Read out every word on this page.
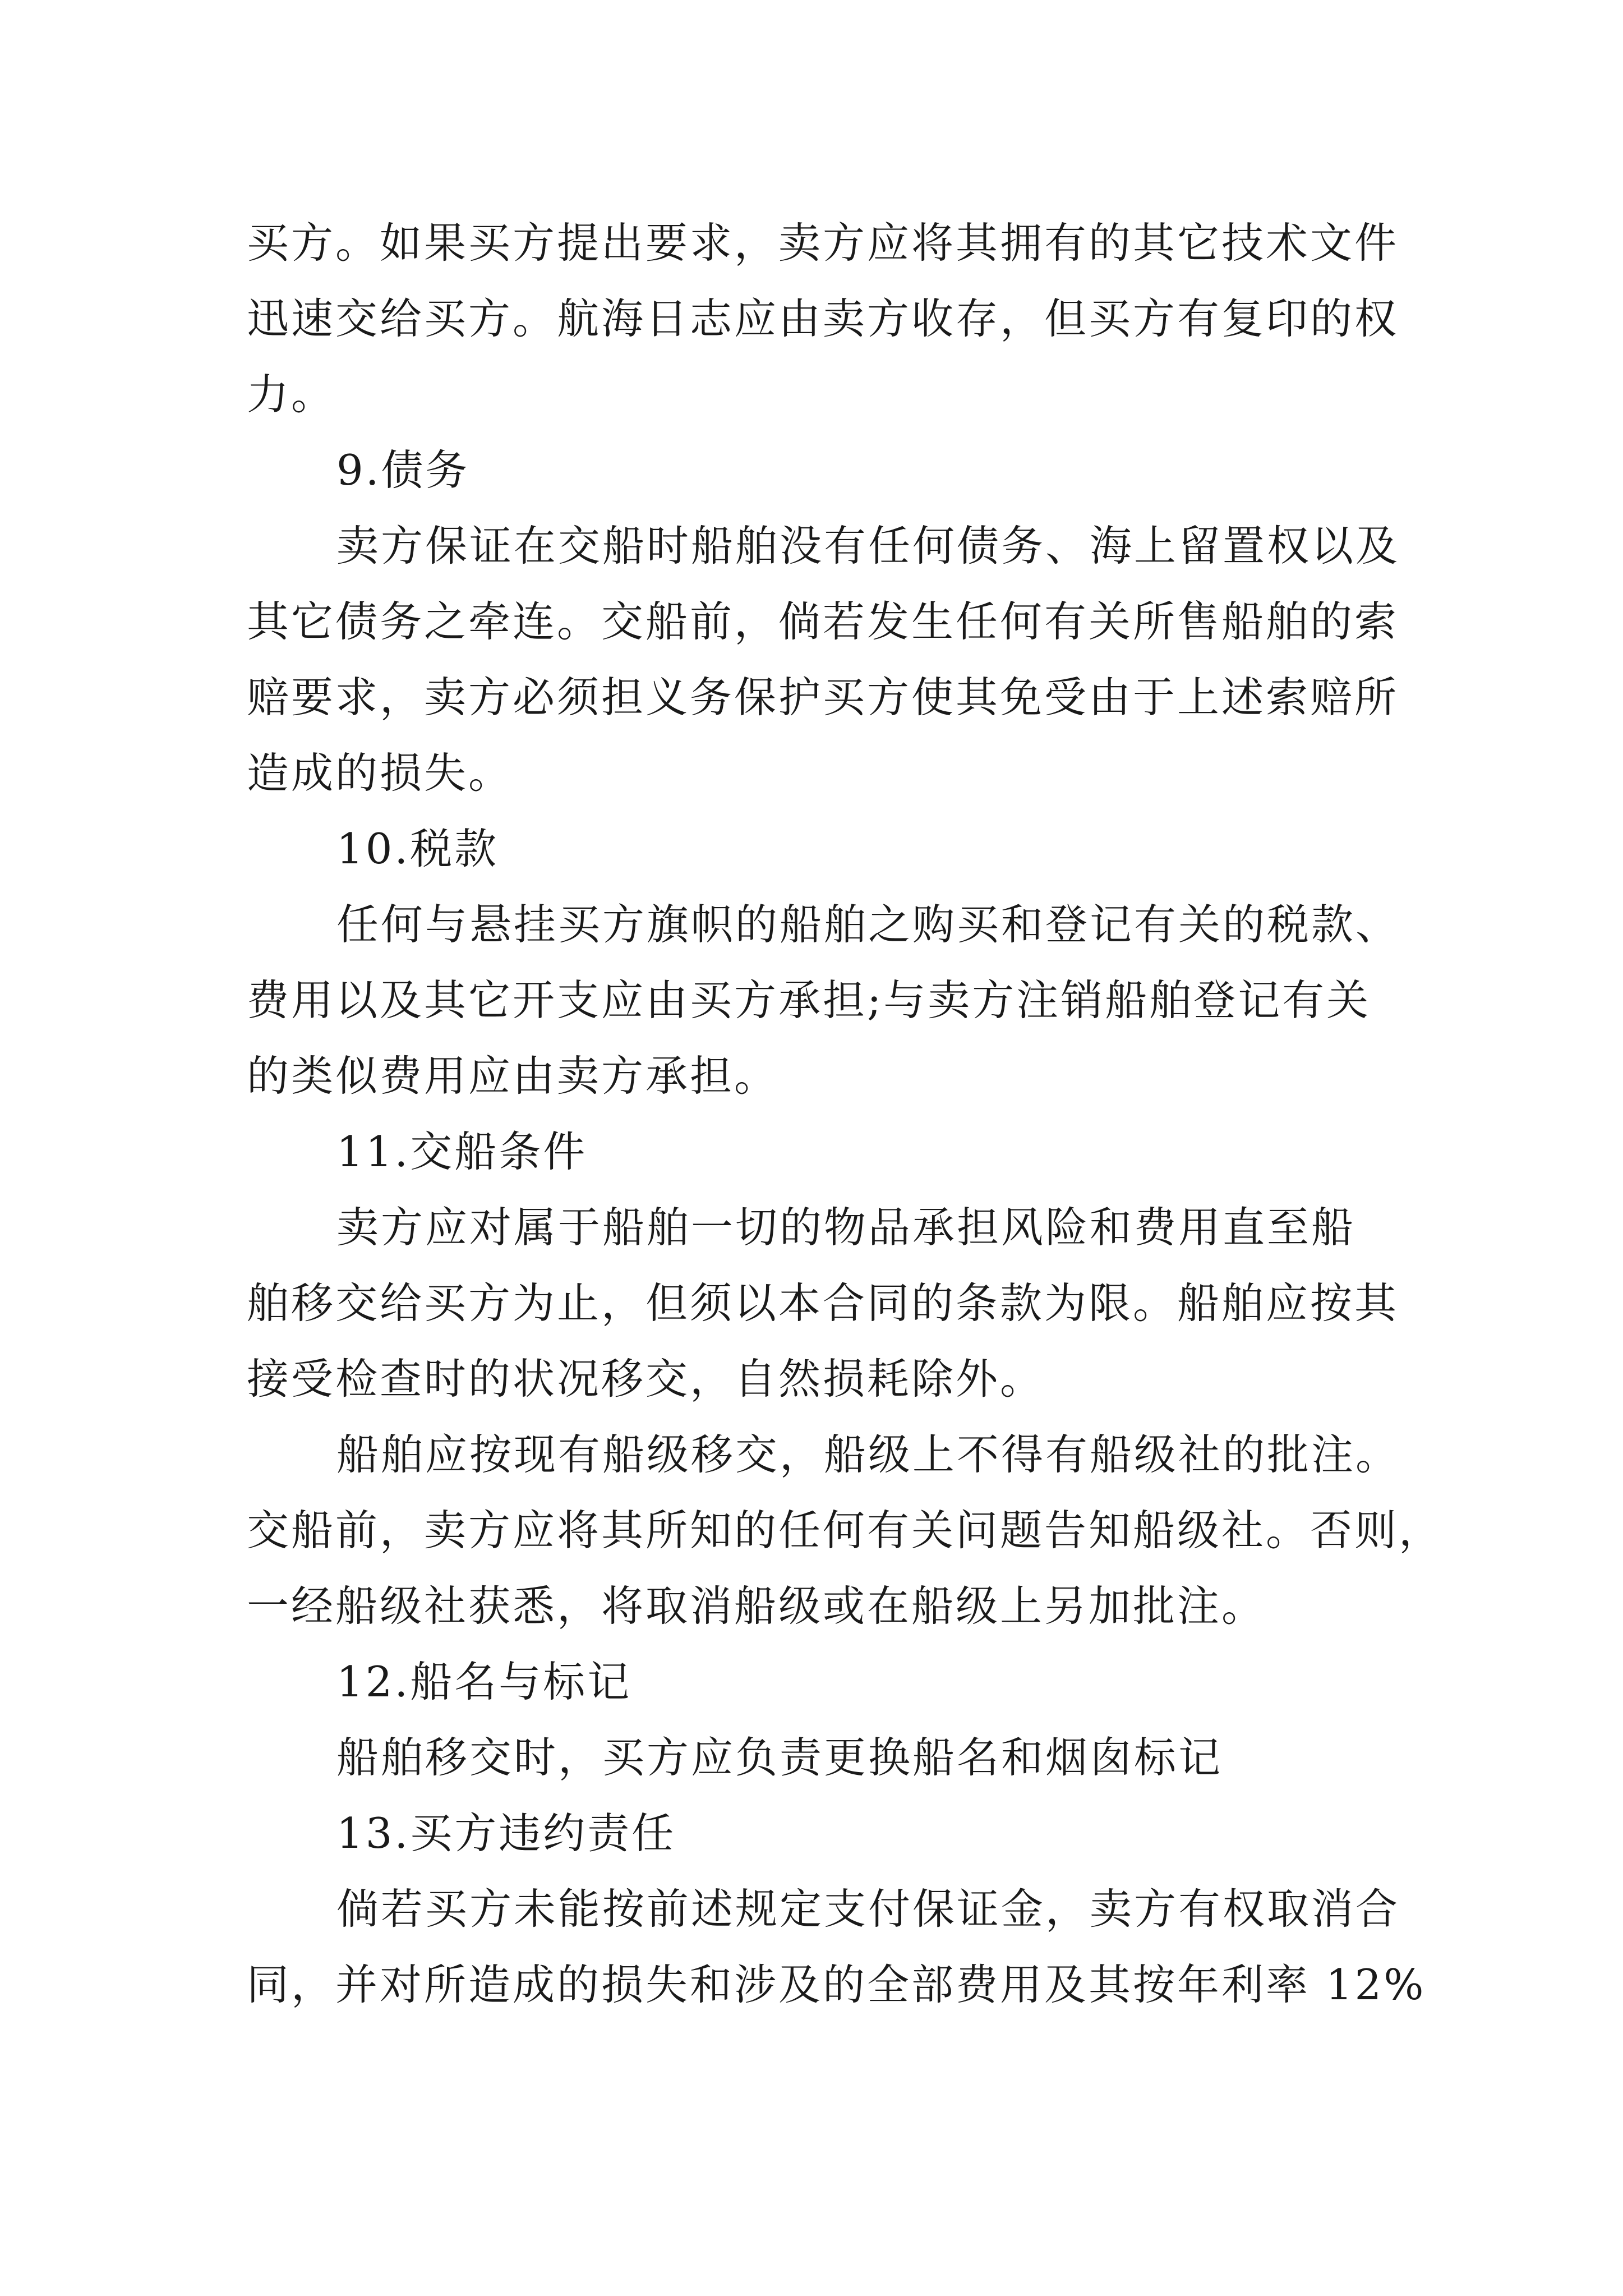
买方。如果买方提出要求，卖方应将其拥有的其它技术文件
迅速交给买方。航海日志应由卖方收存，但买方有复印的权
力。
9.债务
卖方保证在交船时船舶没有任何债务、海上留置权以及
其它债务之牵连。交船前，倘若发生任何有关所售船舶的索
赔要求，卖方必须担义务保护买方使其免受由于上述索赔所
造成的损失。
10.税款
任何与悬挂买方旗帜的船舶之购买和登记有关的税款、
费用以及其它开支应由买方承担;与卖方注销船舶登记有关
的类似费用应由卖方承担。
11.交船条件
卖方应对属于船舶一切的物品承担风险和费用直至船
舶移交给买方为止，但须以本合同的条款为限。船舶应按其
接受检查时的状况移交，自然损耗除外。
船舶应按现有船级移交，船级上不得有船级社的批注。
交船前，卖方应将其所知的任何有关问题告知船级社。否则，
一经船级社获悉，将取消船级或在船级上另加批注。
12.船名与标记
船舶移交时，买方应负责更换船名和烟囱标记
13.买方违约责任
倘若买方未能按前述规定支付保证金，卖方有权取消合
同，并对所造成的损失和涉及的全部费用及其按年利率 12%
